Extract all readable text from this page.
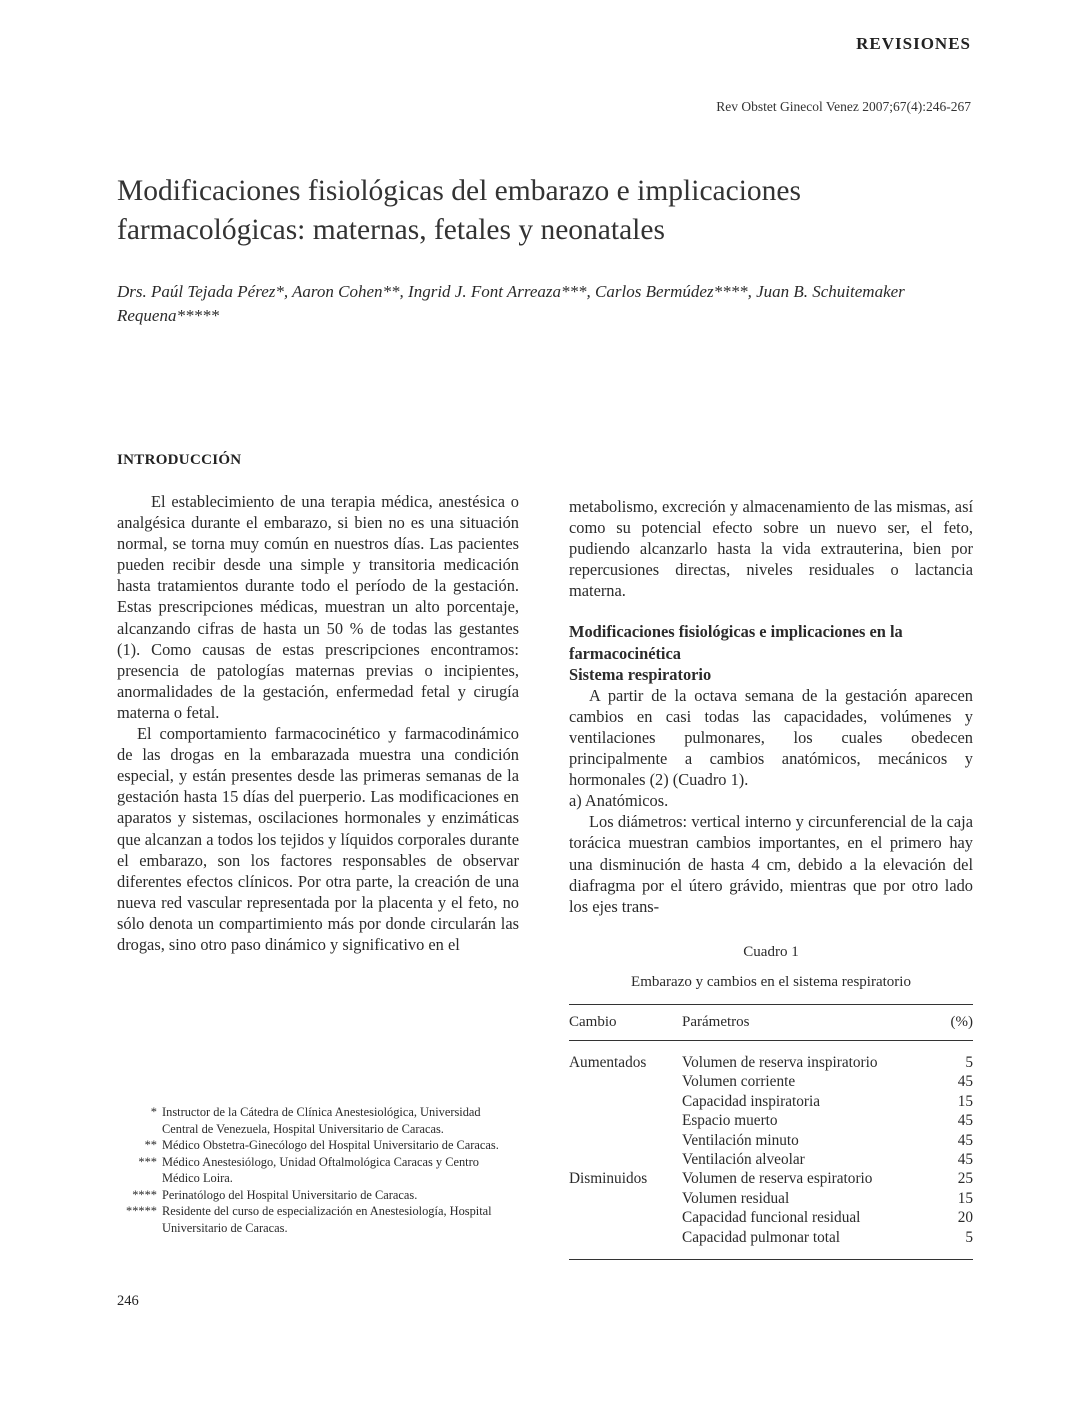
REVISIONES
Rev Obstet Ginecol Venez 2007;67(4):246-267
Modificaciones fisiológicas del embarazo e implicaciones farmacológicas: maternas, fetales y neonatales
Drs. Paúl Tejada Pérez*, Aaron Cohen**, Ingrid J. Font Arreaza***, Carlos Bermúdez****, Juan B. Schuitemaker Requena*****
INTRODUCCIÓN

El establecimiento de una terapia médica, anestésica o analgésica durante el embarazo, si bien no es una situación normal, se torna muy común en nuestros días. Las pacientes pueden recibir desde una simple y transitoria medicación hasta tratamientos durante todo el período de la gestación. Estas prescripciones médicas, muestran un alto porcentaje, alcanzando cifras de hasta un 50 % de todas las gestantes (1). Como causas de estas prescripciones encontramos: presencia de patologías maternas previas o incipientes, anormalidades de la gestación, enfermedad fetal y cirugía materna o fetal.

El comportamiento farmacocinético y farmacodinámico de las drogas en la embarazada muestra una condición especial, y están presentes desde las primeras semanas de la gestación hasta 15 días del puerperio. Las modificaciones en aparatos y sistemas, oscilaciones hormonales y enzimáticas que alcanzan a todos los tejidos y líquidos corporales durante el embarazo, son los factores responsables de observar diferentes efectos clínicos. Por otra parte, la creación de una nueva red vascular representada por la placenta y el feto, no sólo denota un compartimiento más por donde circularán las drogas, sino otro paso dinámico y significativo en el

metabolismo, excreción y almacenamiento de las mismas, así como su potencial efecto sobre un nuevo ser, el feto, pudiendo alcanzarlo hasta la vida extrauterina, bien por repercusiones directas, niveles residuales o lactancia materna.

Modificaciones fisiológicas e implicaciones en la farmacocinética

Sistema respiratorio

A partir de la octava semana de la gestación aparecen cambios en casi todas las capacidades, volúmenes y ventilaciones pulmonares, los cuales obedecen principalmente a cambios anatómicos, mecánicos y hormonales (2) (Cuadro 1).

a) Anatómicos.

Los diámetros: vertical interno y circunferencial de la caja torácica muestran cambios importantes, en el primero hay una disminución de hasta 4 cm, debido a la elevación del diafragma por el útero grávido, mientras que por otro lado los ejes trans-

Cuadro 1
Embarazo y cambios en el sistema respiratorio
Cambio	Parámetros	(%)
Aumentados	Volumen de reserva inspiratorio	5
Volumen corriente	45
Capacidad inspiratoria	15
Espacio muerto	45
Ventilación minuto	45
Ventilación alveolar	45
Disminuidos	Volumen de reserva espiratorio	25
Volumen residual	15
Capacidad funcional residual	20
Capacidad pulmonar total	5
* Instructor de la Cátedra de Clínica Anestesiológica, Universidad Central de Venezuela, Hospital Universitario de Caracas.
** Médico Obstetra-Ginecólogo del Hospital Universitario de Caracas.
*** Médico Anestesiólogo, Unidad Oftalmológica Caracas y Centro Médico Loira.
**** Perinatólogo del Hospital Universitario de Caracas.
***** Residente del curso de especialización en Anestesiología, Hospital Universitario de Caracas.
246
